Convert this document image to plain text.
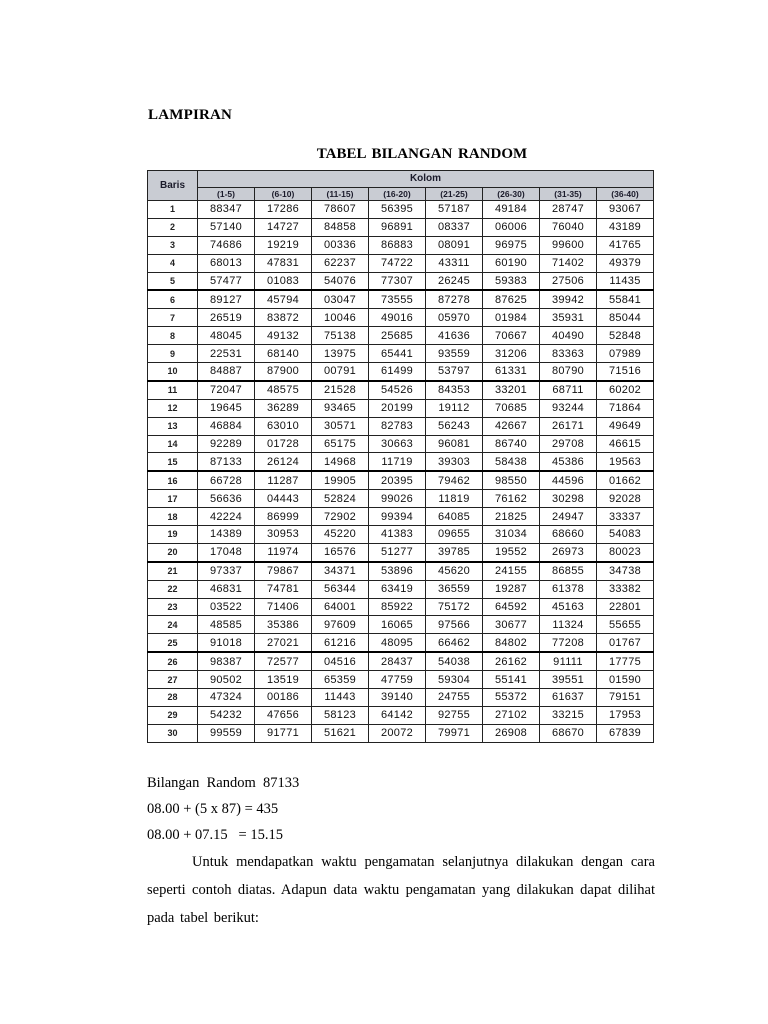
LAMPIRAN
TABEL BILANGAN RANDOM
Baris	Kolom							
	(1-5)	(6-10)	(11-15)	(16-20)	(21-25)	(26-30)	(31-35)	(36-40)
1	88347	17286	78607	56395	57187	49184	28747	93067
2	57140	14727	84858	96891	08337	06006	76040	43189
3	74686	19219	00336	86883	08091	96975	99600	41765
4	68013	47831	62237	74722	43311	60190	71402	49379
5	57477	01083	54076	77307	26245	59383	27506	11435
6	89127	45794	03047	73555	87278	87625	39942	55841
7	26519	83872	10046	49016	05970	01984	35931	85044
8	48045	49132	75138	25685	41636	70667	40490	52848
9	22531	68140	13975	65441	93559	31206	83363	07989
10	84887	87900	00791	61499	53797	61331	80790	71516
11	72047	48575	21528	54526	84353	33201	68711	60202
12	19645	36289	93465	20199	19112	70685	93244	71864
13	46884	63010	30571	82783	56243	42667	26171	49649
14	92289	01728	65175	30663	96081	86740	29708	46615
15	87133	26124	14968	11719	39303	58438	45386	19563
16	66728	11287	19905	20395	79462	98550	44596	01662
17	56636	04443	52824	99026	11819	76162	30298	92028
18	42224	86999	72902	99394	64085	21825	24947	33337
19	14389	30953	45220	41383	09655	31034	68660	54083
20	17048	11974	16576	51277	39785	19552	26973	80023
21	97337	79867	34371	53896	45620	24155	86855	34738
22	46831	74781	56344	63419	36559	19287	61378	33382
23	03522	71406	64001	85922	75172	64592	45163	22801
24	48585	35386	97609	16065	97566	30677	11324	55655
25	91018	27021	61216	48095	66462	84802	77208	01767
26	98387	72577	04516	28437	54038	26162	91111	17775
27	90502	13519	65359	47759	59304	55141	39551	01590
28	47324	00186	11443	39140	24755	55372	61637	79151
29	54232	47656	58123	64142	92755	27102	33215	17953
30	99559	91771	51621	20072	79971	26908	68670	67839
Bilangan  Random  87133
08.00 + (5 x 87) = 435
08.00 + 07.15   = 15.15
Untuk mendapatkan waktu pengamatan selanjutnya dilakukan dengan cara seperti contoh diatas. Adapun data waktu pengamatan yang dilakukan dapat dilihat pada tabel berikut:
